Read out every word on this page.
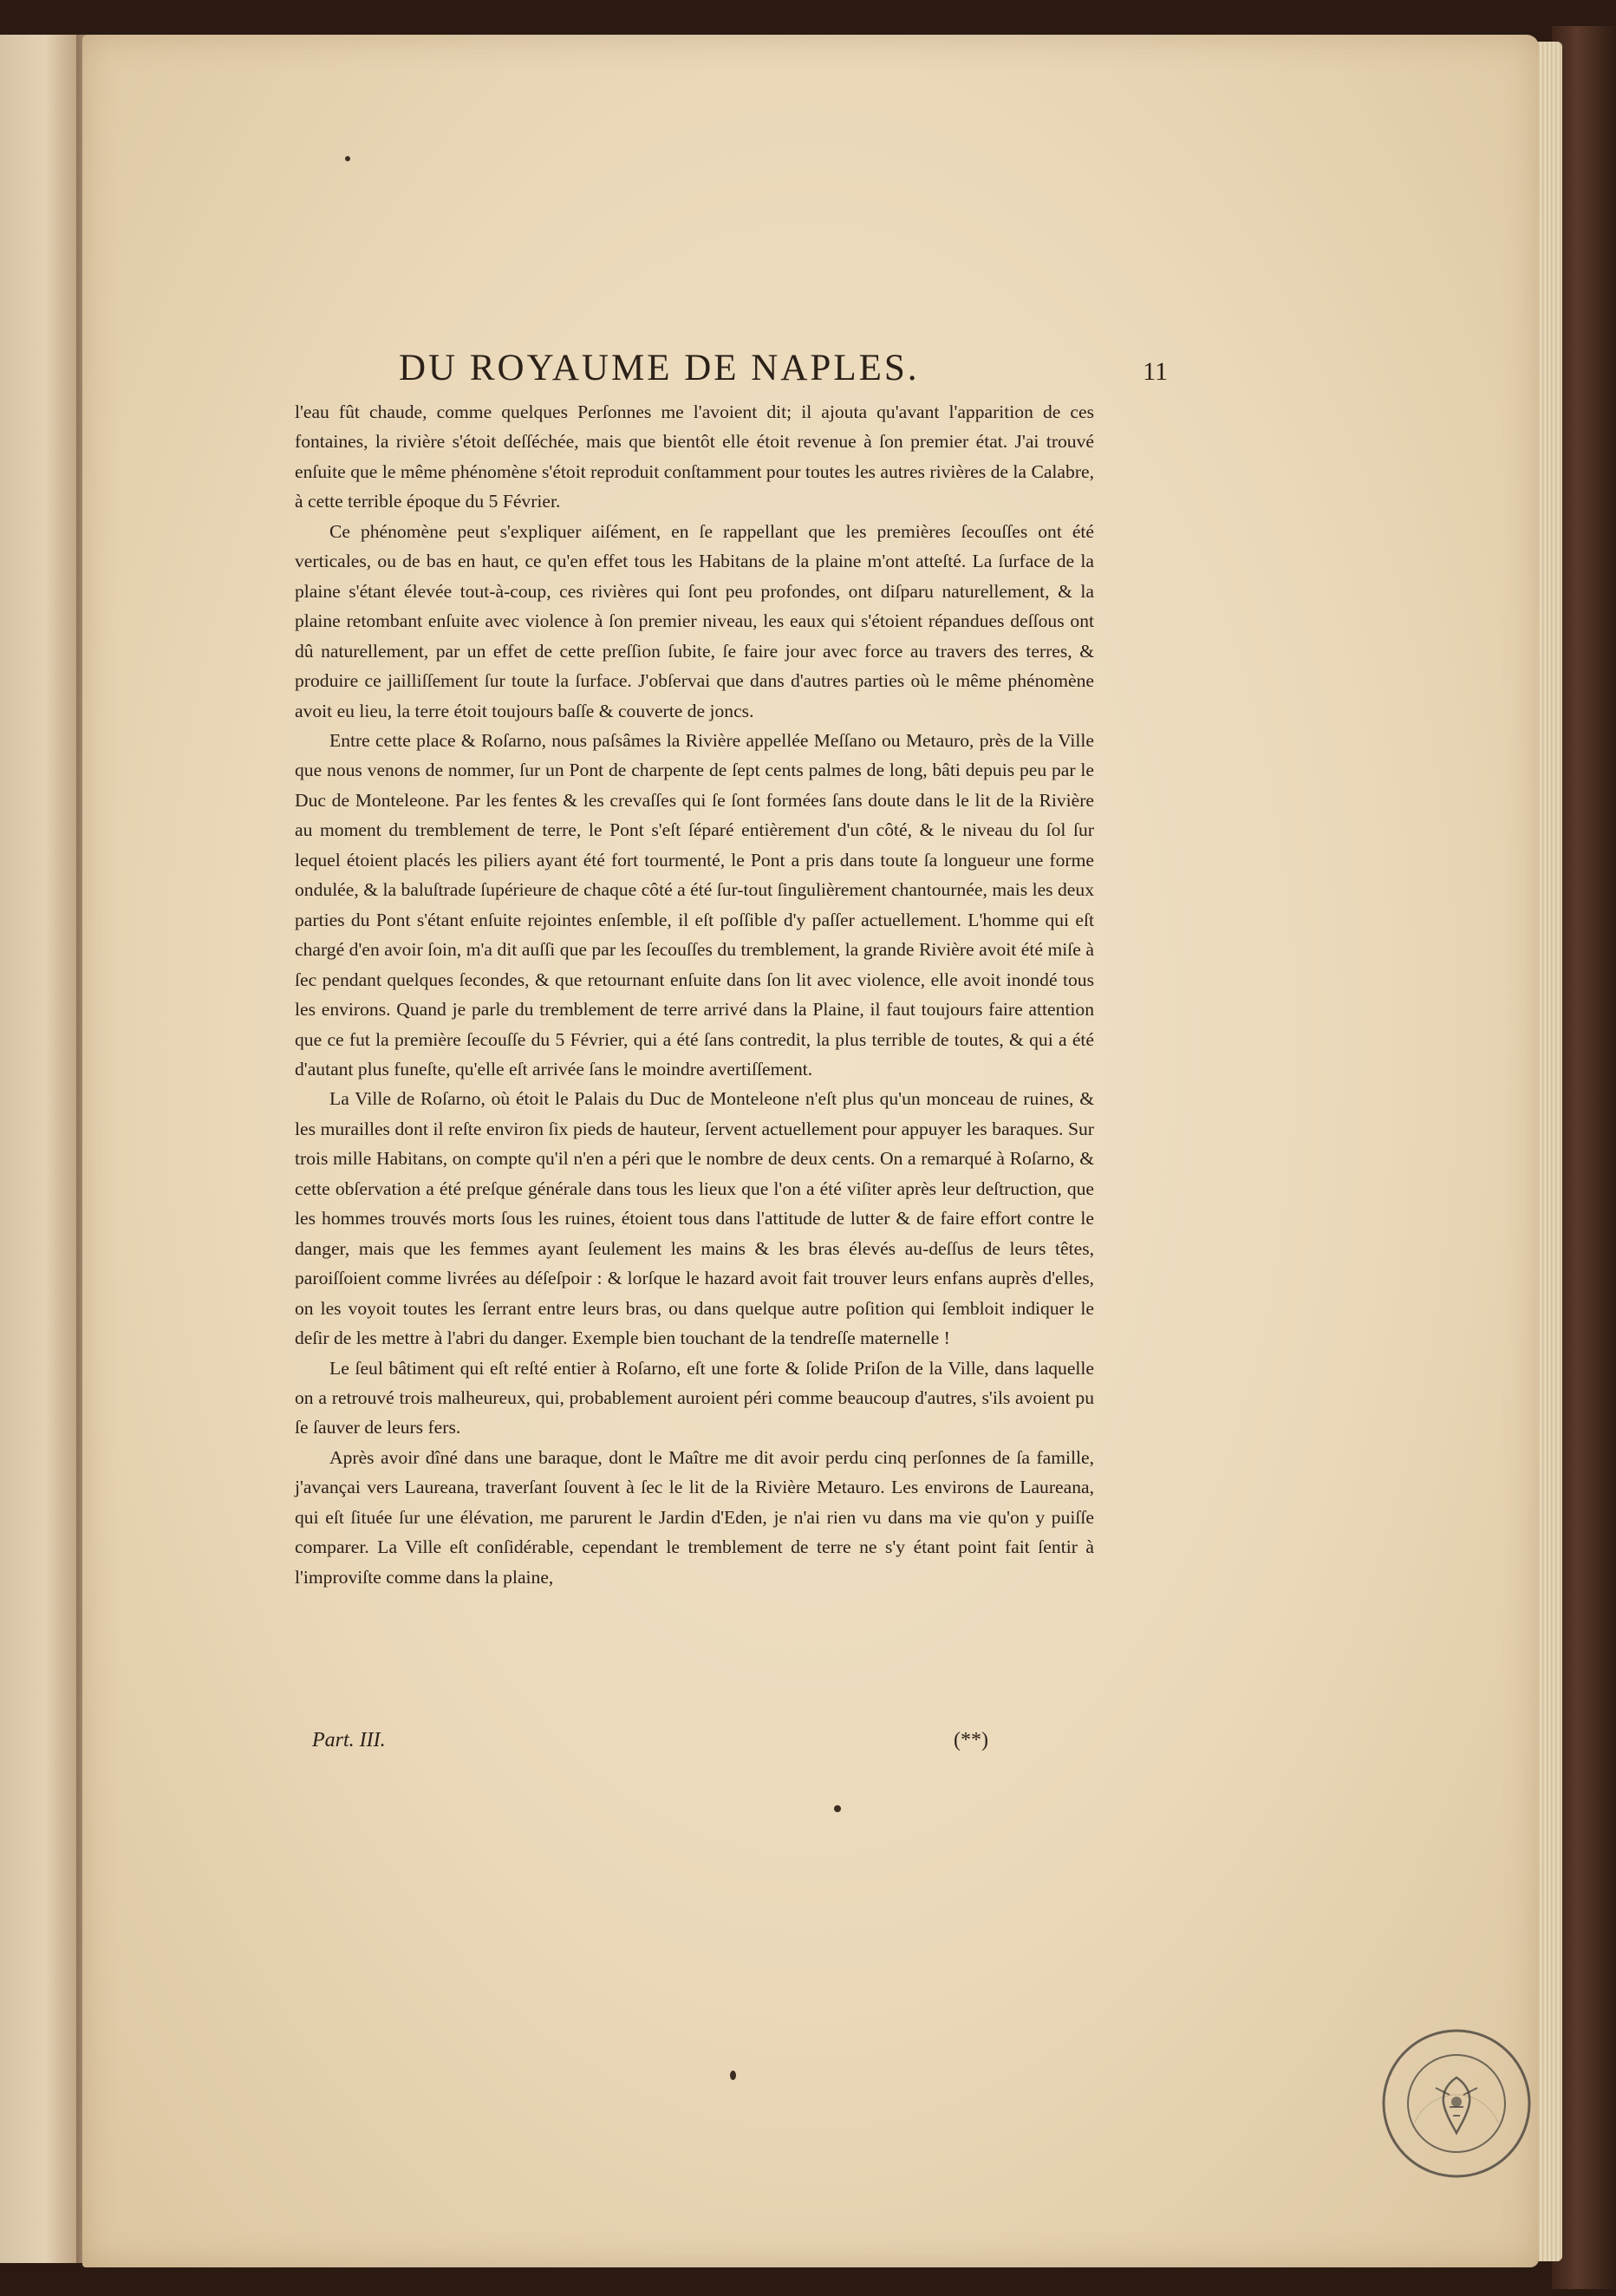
DU ROYAUME DE NAPLES.	11

l'eau fût chaude, comme quelques Perſonnes me l'avoient dit; il ajouta qu'avant l'apparition de ces fontaines, la rivière s'étoit deſſéchée, mais que bientôt elle étoit revenue à ſon premier état. J'ai trouvé enſuite que le même phénomène s'étoit reproduit conſtamment pour toutes les autres rivières de la Calabre, à cette terrible époque du 5 Février.

Ce phénomène peut s'expliquer aiſément, en ſe rappellant que les premières ſecouſſes ont été verticales, ou de bas en haut, ce qu'en effet tous les Habitans de la plaine m'ont atteſté. La ſurface de la plaine s'étant élevée tout-à-coup, ces rivières qui ſont peu profondes, ont diſparu naturellement, & la plaine retombant enſuite avec violence à ſon premier niveau, les eaux qui s'étoient répandues deſſous ont dû naturellement, par un effet de cette preſſion ſubite, ſe faire jour avec force au travers des terres, & produire ce jailliſſement ſur toute la ſurface. J'obſervai que dans d'autres parties où le même phénomène avoit eu lieu, la terre étoit toujours baſſe & couverte de joncs.

Entre cette place & Roſarno, nous paſsâmes la Rivière appellée Meſſano ou Metauro, près de la Ville que nous venons de nommer, ſur un Pont de charpente de ſept cents palmes de long, bâti depuis peu par le Duc de Monteleone. Par les fentes & les crevaſſes qui ſe ſont formées ſans doute dans le lit de la Rivière au moment du tremblement de terre, le Pont s'eſt ſéparé entièrement d'un côté, & le niveau du ſol ſur lequel étoient placés les piliers ayant été fort tourmenté, le Pont a pris dans toute ſa longueur une forme ondulée, & la baluſtrade ſupérieure de chaque côté a été ſur-tout ſingulièrement chantournée, mais les deux parties du Pont s'étant enſuite rejointes enſemble, il eſt poſſible d'y paſſer actuellement. L'homme qui eſt chargé d'en avoir ſoin, m'a dit auſſi que par les ſecouſſes du tremblement, la grande Rivière avoit été miſe à ſec pendant quelques ſecondes, & que retournant enſuite dans ſon lit avec violence, elle avoit inondé tous les environs. Quand je parle du tremblement de terre arrivé dans la Plaine, il faut toujours faire attention que ce fut la première ſecouſſe du 5 Février, qui a été ſans contredit, la plus terrible de toutes, & qui a été d'autant plus funeſte, qu'elle eſt arrivée ſans le moindre avertiſſement.

La Ville de Roſarno, où étoit le Palais du Duc de Monteleone n'eſt plus qu'un monceau de ruines, & les murailles dont il reſte environ ſix pieds de hauteur, ſervent actuellement pour appuyer les baraques. Sur trois mille Habitans, on compte qu'il n'en a péri que le nombre de deux cents. On a remarqué à Roſarno, & cette obſervation a été preſque générale dans tous les lieux que l'on a été viſiter après leur deſtruction, que les hommes trouvés morts ſous les ruines, étoient tous dans l'attitude de lutter & de faire effort contre le danger, mais que les femmes ayant ſeulement les mains & les bras élevés au-deſſus de leurs têtes, paroiſſoient comme livrées au déſeſpoir : & lorſque le hazard avoit fait trouver leurs enfans auprès d'elles, on les voyoit toutes les ſerrant entre leurs bras, ou dans quelque autre poſition qui ſembloit indiquer le deſir de les mettre à l'abri du danger. Exemple bien touchant de la tendreſſe maternelle !

Le ſeul bâtiment qui eſt reſté entier à Roſarno, eſt une forte & ſolide Priſon de la Ville, dans laquelle on a retrouvé trois malheureux, qui, probablement auroient péri comme beaucoup d'autres, s'ils avoient pu ſe ſauver de leurs fers.

Après avoir dîné dans une baraque, dont le Maître me dit avoir perdu cinq perſonnes de ſa famille, j'avançai vers Laureana, traverſant ſouvent à ſec le lit de la Rivière Metauro. Les environs de Laureana, qui eſt ſituée ſur une élévation, me parurent le Jardin d'Eden, je n'ai rien vu dans ma vie qu'on y puiſſe comparer. La Ville eſt conſidérable, cependant le tremblement de terre ne s'y étant point fait ſentir à l'improviſte comme dans la plaine,

Part. III.	(**)
